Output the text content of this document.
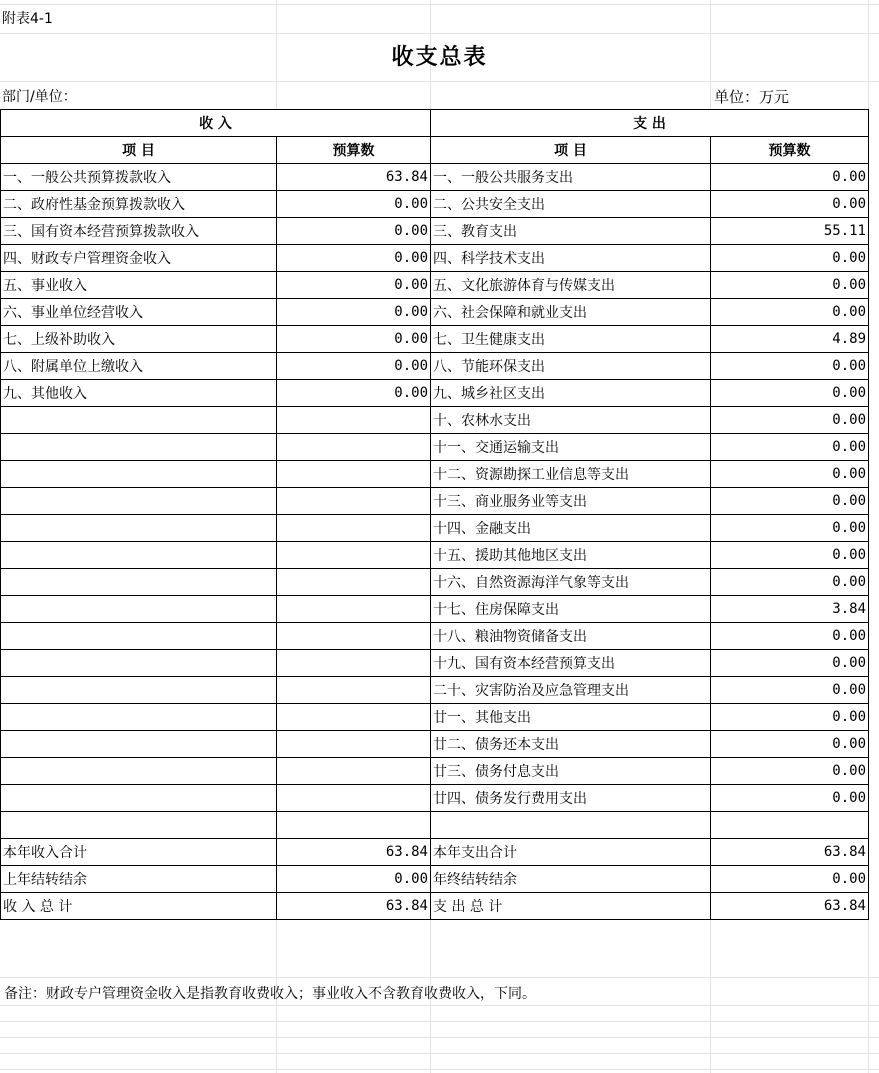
附表4-1
收支总表
部门/单位：	单位：万元
收 入		支 出	
项 目	预算数	项 目	预算数
一、一般公共预算拨款收入	63.84	一、一般公共服务支出	0.00
二、政府性基金预算拨款收入	0.00	二、公共安全支出	0.00
三、国有资本经营预算拨款收入	0.00	三、教育支出	55.11
四、财政专户管理资金收入	0.00	四、科学技术支出	0.00
五、事业收入	0.00	五、文化旅游体育与传媒支出	0.00
六、事业单位经营收入	0.00	六、社会保障和就业支出	0.00
七、上级补助收入	0.00	七、卫生健康支出	4.89
八、附属单位上缴收入	0.00	八、节能环保支出	0.00
九、其他收入	0.00	九、城乡社区支出	0.00
		十、农林水支出	0.00
		十一、交通运输支出	0.00
		十二、资源勘探工业信息等支出	0.00
		十三、商业服务业等支出	0.00
		十四、金融支出	0.00
		十五、援助其他地区支出	0.00
		十六、自然资源海洋气象等支出	0.00
		十七、住房保障支出	3.84
		十八、粮油物资储备支出	0.00
		十九、国有资本经营预算支出	0.00
		二十、灾害防治及应急管理支出	0.00
		廿一、其他支出	0.00
		廿二、债务还本支出	0.00
		廿三、债务付息支出	0.00
		廿四、债务发行费用支出	0.00

本年收入合计	63.84	本年支出合计	63.84
上年结转结余	0.00	年终结转结余	0.00
收 入 总 计	63.84	支 出 总 计	63.84
备注：财政专户管理资金收入是指教育收费收入；事业收入不含教育收费收入，下同。
